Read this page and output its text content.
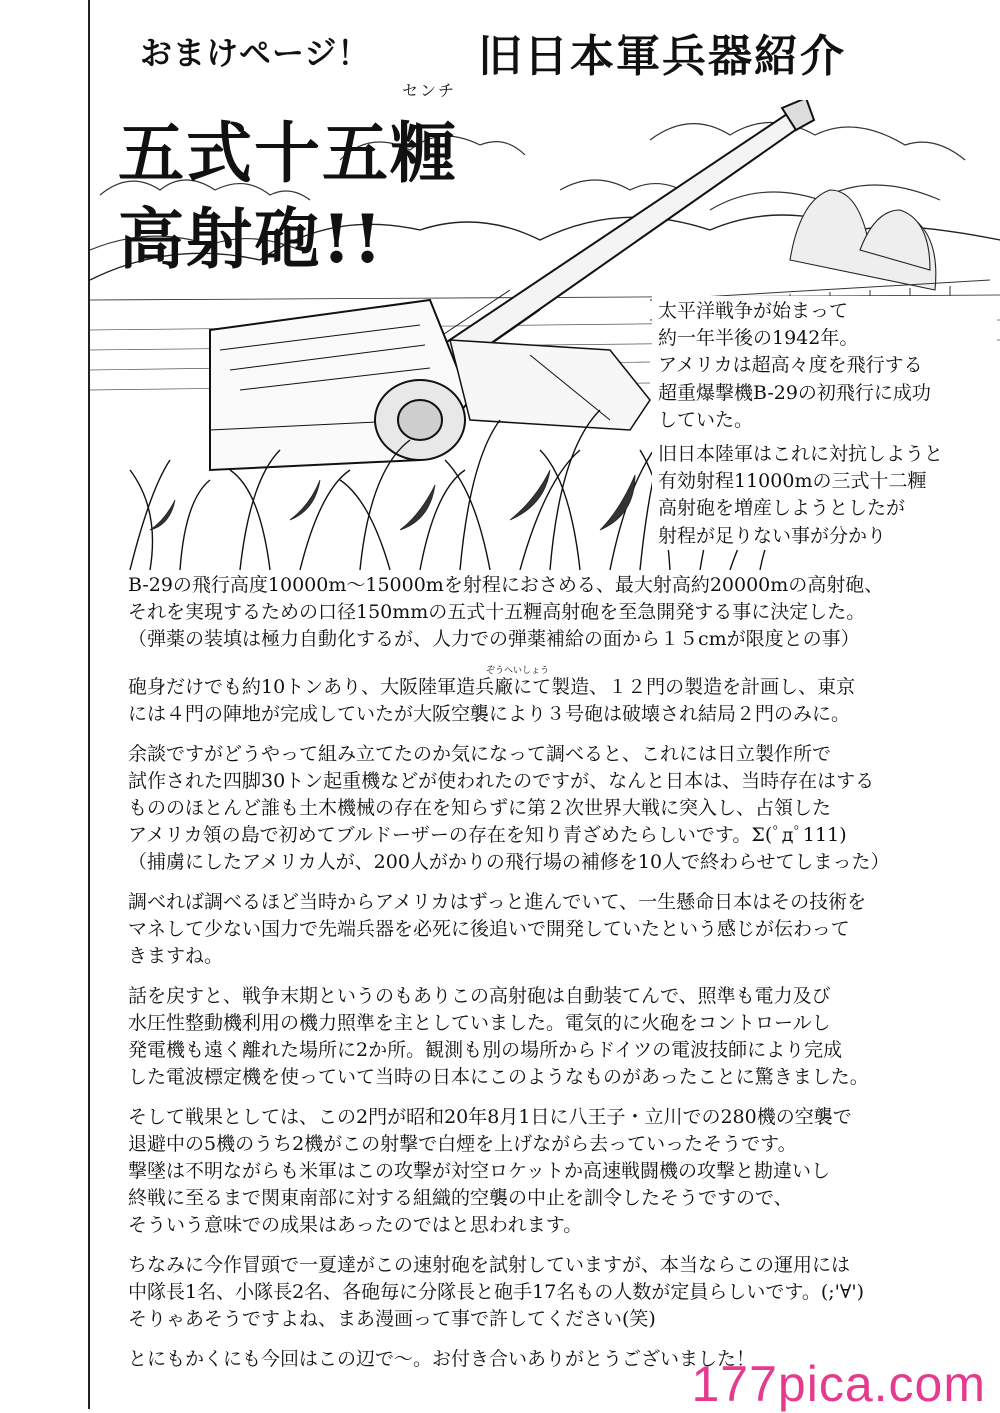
おまけページ！ 旧日本軍兵器紹介
センチ
五式十五糎
高射砲!!
太平洋戦争が始まって
約一年半後の1942年。
アメリカは超高々度を飛行する
超重爆撃機B-29の初飛行に成功
していた。
旧日本陸軍はこれに対抗しようと
有効射程11000mの三式十二糎
高射砲を増産しようとしたが
射程が足りない事が分かり
B-29の飛行高度10000m～15000mを射程におさめる、最大射高約20000mの高射砲、
それを実現するための口径150mmの五式十五糎高射砲を至急開発する事に決定した。
（弾薬の装填は極力自動化するが、人力での弾薬補給の面から１５cmが限度との事）
ぞうへいしょう
砲身だけでも約10トンあり、大阪陸軍造兵廠にて製造、１２門の製造を計画し、東京
には４門の陣地が完成していたが大阪空襲により３号砲は破壊され結局２門のみに。
余談ですがどうやって組み立てたのか気になって調べると、これには日立製作所で
試作された四脚30トン起重機などが使われたのですが、なんと日本は、当時存在はする
もののほとんど誰も土木機械の存在を知らずに第２次世界大戦に突入し、占領した
アメリカ領の島で初めてブルドーザーの存在を知り青ざめたらしいです。Σ(ﾟдﾟ111)
（捕虜にしたアメリカ人が、200人がかりの飛行場の補修を10人で終わらせてしまった）
調べれば調べるほど当時からアメリカはずっと進んでいて、一生懸命日本はその技術を
マネして少ない国力で先端兵器を必死に後追いで開発していたという感じが伝わって
きますね。
話を戻すと、戦争末期というのもありこの高射砲は自動装てんで、照準も電力及び
水圧性整動機利用の機力照準を主としていました。電気的に火砲をコントロールし
発電機も遠く離れた場所に2か所。観測も別の場所からドイツの電波技師により完成
した電波標定機を使っていて当時の日本にこのようなものがあったことに驚きました。
そして戦果としては、この2門が昭和20年8月1日に八王子・立川での280機の空襲で
退避中の5機のうち2機がこの射撃で白煙を上げながら去っていったそうです。
撃墜は不明ながらも米軍はこの攻撃が対空ロケットか高速戦闘機の攻撃と勘違いし
終戦に至るまで関東南部に対する組織的空襲の中止を訓令したそうですので、
そういう意味での成果はあったのではと思われます。
ちなみに今作冒頭で一夏達がこの速射砲を試射していますが、本当ならこの運用には
中隊長1名、小隊長2名、各砲毎に分隊長と砲手17名もの人数が定員らしいです。(;'∀')
そりゃあそうですよね、まあ漫画って事で許してください(笑)
とにもかくにも今回はこの辺で～。お付き合いありがとうございました！
177pica.com
